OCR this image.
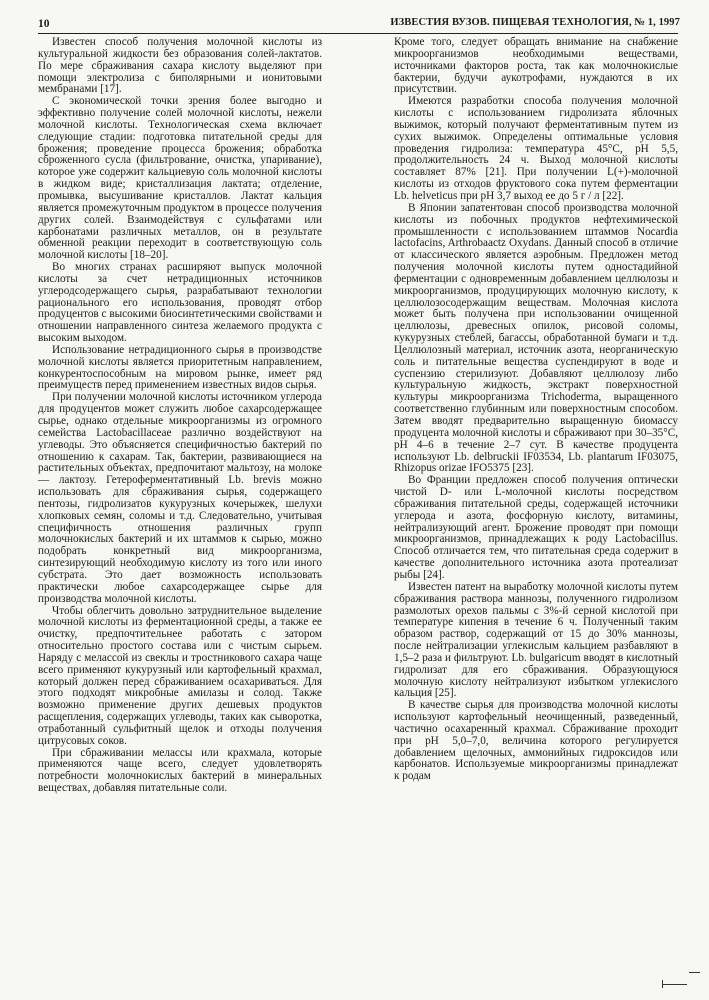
10	ИЗВЕСТИЯ ВУЗОВ. ПИЩЕВАЯ ТЕХНОЛОГИЯ, № 1, 1997

Известен способ получения молочной кислоты из культуральной жидкости без образования солей-лактатов. По мере сбраживания сахара кислоту выделяют при помощи электролиза с биполярными и ионитовыми мембранами [17].

С экономической точки зрения более выгодно и эффективно получение солей молочной кислоты, нежели молочной кислоты. Технологическая схема включает следующие стадии: подготовка питательной среды для брожения; проведение процесса брожения; обработка сброженного сусла (фильтрование, очистка, упаривание), которое уже содержит кальциевую соль молочной кислоты в жидком виде; кристаллизация лактата; отделение, промывка, высушивание кристаллов. Лактат кальция является промежуточным продуктом в процессе получения других солей. Взаимодействуя с сульфатами или карбонатами различных металлов, он в результате обменной реакции переходит в соответствующую соль молочной кислоты [18–20].

Во многих странах расширяют выпуск молочной кислоты за счет нетрадиционных источников углеродсодержащего сырья, разрабатывают технологии рационального его использования, проводят отбор продуцентов с высокими биосинтетическими свойствами и отношении направленного синтеза желаемого продукта с высоким выходом.

Использование нетрадиционного сырья в производстве молочной кислоты является приоритетным направлением, конкурентоспособным на мировом рынке, имеет ряд преимуществ перед применением известных видов сырья.

При получении молочной кислоты источником углерода для продуцентов может служить любое сахарсодержащее сырье, однако отдельные микроорганизмы из огромного семейства Lactobacillaceae различно воздействуют на углеводы. Это объясняется специфичностью бактерий по отношению к сахарам. Так, бактерии, развивающиеся на растительных объектах, предпочитают мальтозу, на молоке — лактозу. Гетероферментативный Lb. brevis можно использовать для сбраживания сырья, содержащего пентозы, гидролизатов кукурузных кочерыжек, шелухи хлопковых семян, соломы и т.д. Следовательно, учитывая специфичность отношения различных групп молочнокислых бактерий и их штаммов к сырью, можно подобрать конкретный вид микроорганизма, синтезирующий необходимую кислоту из того или иного субстрата. Это дает возможность использовать практически любое сахарсодержащее сырье для производства молочной кислоты.

Чтобы облегчить довольно затруднительное выделение молочной кислоты из ферментационной среды, а также ее очистку, предпочтительнее работать с затором относительно простого состава или с чистым сырьем. Наряду с мелассой из свеклы и тростникового сахара чаще всего применяют кукурузный или картофельный крахмал, который должен перед сбраживанием осахариваться. Для этого подходят микробные амилазы и солод. Также возможно применение других дешевых продуктов расщепления, содержащих углеводы, таких как сыворотка, отработанный сульфитный щелок и отходы получения цитрусовых соков.

При сбраживании мелассы или крахмала, которые применяются чаще всего, следует удовлетворять потребности молочнокислых бактерий в минеральных веществах, добавляя питательные соли.

Кроме того, следует обращать внимание на снабжение микроорганизмов необходимыми веществами, источниками факторов роста, так как молочнокислые бактерии, будучи аукотрофами, нуждаются в их присутствии.

Имеются разработки способа получения молочной кислоты с использованием гидролизата яблочных выжимок, который получают ферментативным путем из сухих выжимок. Определены оптимальные условия проведения гидролиза: температура 45°C, pH 5,5, продолжительность 24 ч. Выход молочной кислоты составляет 87% [21]. При получении L(+)-молочной кислоты из отходов фруктового сока путем ферментации Lb. helveticus при pH 3,7 выход ее до 5 г / л [22].

В Японии запатентован способ производства молочной кислоты из побочных продуктов нефтехимической промышленности с использованием штаммов Nocardia lactofacins, Arthrobaactz Oxydans. Данный способ в отличие от классического является аэробным. Предложен метод получения молочной кислоты путем одностадийной ферментации с одновременным добавлением целлюлозы и микроорганизмов, продуцирующих молочную кислоту, к целлюлозосодержащим веществам. Молочная кислота может быть получена при использовании очищенной целлюлозы, древесных опилок, рисовой соломы, кукурузных стеблей, багассы, обработанной бумаги и т.д. Целлюлозный материал, источник азота, неорганическую соль и питательные вещества суспендируют в воде и суспензию стерилизуют. Добавляют целлюлозу либо культуральную жидкость, экстракт поверхностной культуры микроорганизма Trichoderma, выращенного соответственно глубинным или поверхностным способом. Затем вводят предварительно выращенную биомассу продуцента молочной кислоты и сбраживают при 30–35°C, pH 4–6 в течение 2–7 сут. В качестве продуцента используют Lb. delbruckii IF03534, Lb. plantarum IF03075, Rhizopus orizae IFO5375 [23].

Во Франции предложен способ получения оптически чистой D- или L-молочной кислоты посредством сбраживания питательной среды, содержащей источники углерода и азота, фосфорную кислоту, витамины, нейтрализующий агент. Брожение проводят при помощи микроорганизмов, принадлежащих к роду Lactobacillus. Способ отличается тем, что питательная среда содержит в качестве дополнительного источника азота протеализат рыбы [24].

Известен патент на выработку молочной кислоты путем сбраживания раствора маннозы, полученного гидролизом размолотых орехов пальмы с 3%-й серной кислотой при температуре кипения в течение 6 ч. Полученный таким образом раствор, содержащий от 15 до 30% маннозы, после нейтрализации углекислым кальцием разбавляют в 1,5–2 раза и фильтруют. Lb. bulgaricum вводят в кислотный гидролизат для его сбраживания. Образующуюся молочную кислоту нейтрализуют избытком углекислого кальция [25].

В качестве сырья для производства молочной кислоты используют картофельный неочищенный, разведенный, частично осахаренный крахмал. Сбраживание проходит при pH 5,0–7,0, величина которого регулируется добавлением щелочных, аммонийных гидроксидов или карбонатов. Используемые микроорганизмы принадлежат к родам
